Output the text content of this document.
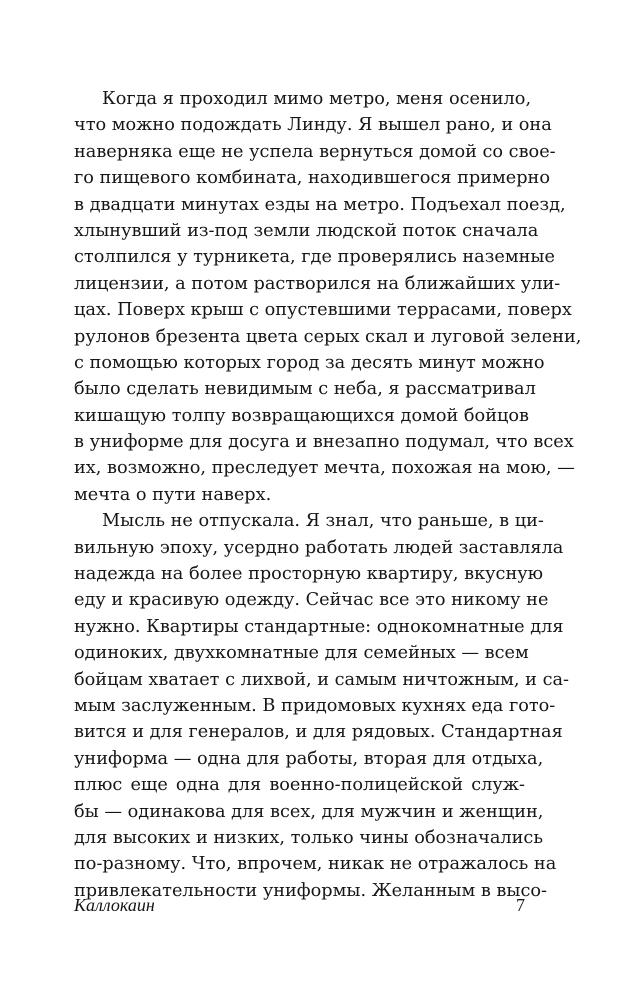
Когда я проходил мимо метро, меня осенило,
что можно подождать Линду. Я вышел рано, и она
наверняка еще не успела вернуться домой со свое-
го пищевого комбината, находившегося примерно
в двадцати минутах езды на метро. Подъехал поезд,
хлынувший из-под земли людской поток сначала
столпился у турникета, где проверялись наземные
лицензии, а потом растворился на ближайших ули-
цах. Поверх крыш с опустевшими террасами, поверх
рулонов брезента цвета серых скал и луговой зелени,
с помощью которых город за десять минут можно
было сделать невидимым с неба, я рассматривал
кишащую толпу возвращающихся домой бойцов
в униформе для досуга и внезапно подумал, что всех
их, возможно, преследует мечта, похожая на мою, —
мечта о пути наверх.
Мысль не отпускала. Я знал, что раньше, в ци-
вильную эпоху, усердно работать людей заставляла
надежда на более просторную квартиру, вкусную
еду и красивую одежду. Сейчас все это никому не
нужно. Квартиры стандартные: однокомнатные для
одиноких, двухкомнатные для семейных — всем
бойцам хватает с лихвой, и самым ничтожным, и са-
мым заслуженным. В придомовых кухнях еда гото-
вится и для генералов, и для рядовых. Стандартная
униформа — одна для работы, вторая для отдыха,
плюс еще одна для военно-полицейской служ-
бы — одинакова для всех, для мужчин и женщин,
для высоких и низких, только чины обозначались
по-разному. Что, впрочем, никак не отражалось на
привлекательности униформы. Желанным в высо-
Каллокаин	7
